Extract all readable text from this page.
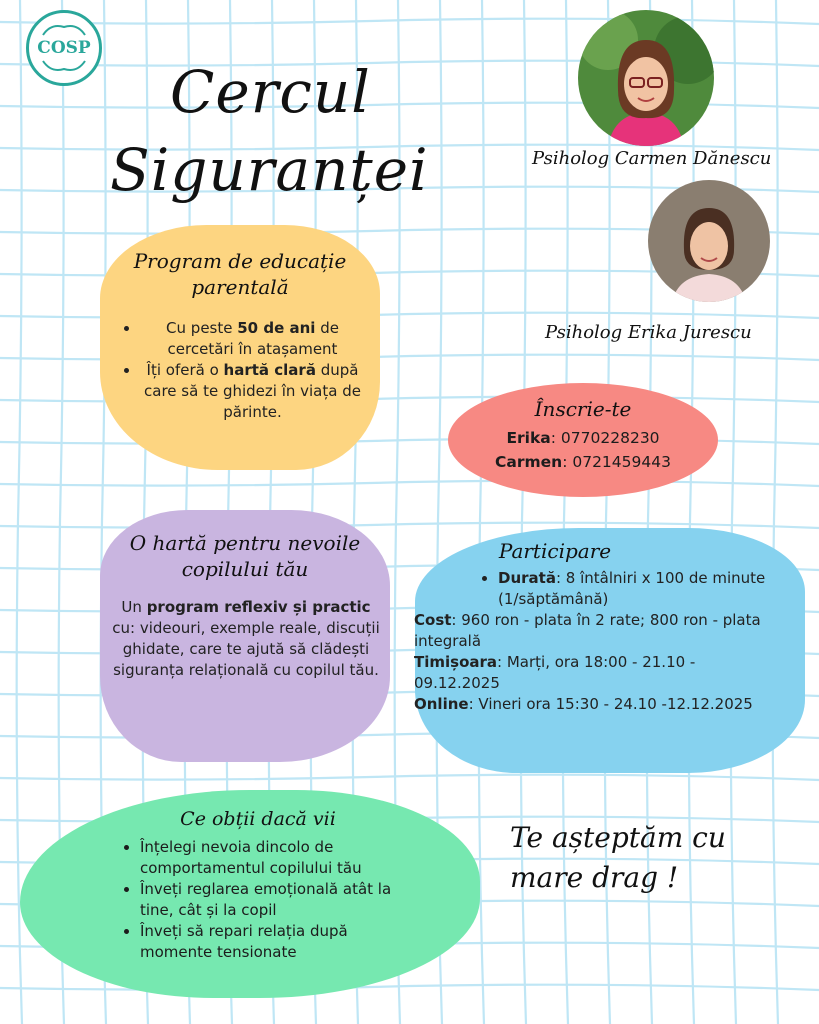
COSP
Cercul
Siguranței	Psiholog Carmen Dănescu
Psiholog Erika Jurescu
Program de educație parentală
• Cu peste 50 de ani de cercetări în atașament
• Îți oferă o hartă clară după care să te ghidezi în viața de părinte.
O hartă pentru nevoile copilului tău
Un program reflexiv și practic cu: videouri, exemple reale, discuții ghidate, care te ajută să clădești siguranța relațională cu copilul tău.
Înscrie-te
Erika: 0770228230
Carmen: 0721459443
Participare
• Durată: 8 întâlniri x 100 de minute (1/săptămână)
Cost: 960 ron - plata în 2 rate; 800 ron - plata integrală
Timișoara: Marți, ora 18:00 - 21.10 - 09.12.2025
Online: Vineri ora 15:30 - 24.10 -12.12.2025
Ce obții dacă vii
• Înțelegi nevoia dincolo de comportamentul copilului tău
• Înveți reglarea emoțională atât la tine, cât și la copil
• Înveți să repari relația după momente tensionate
Te așteptăm cu mare drag !
